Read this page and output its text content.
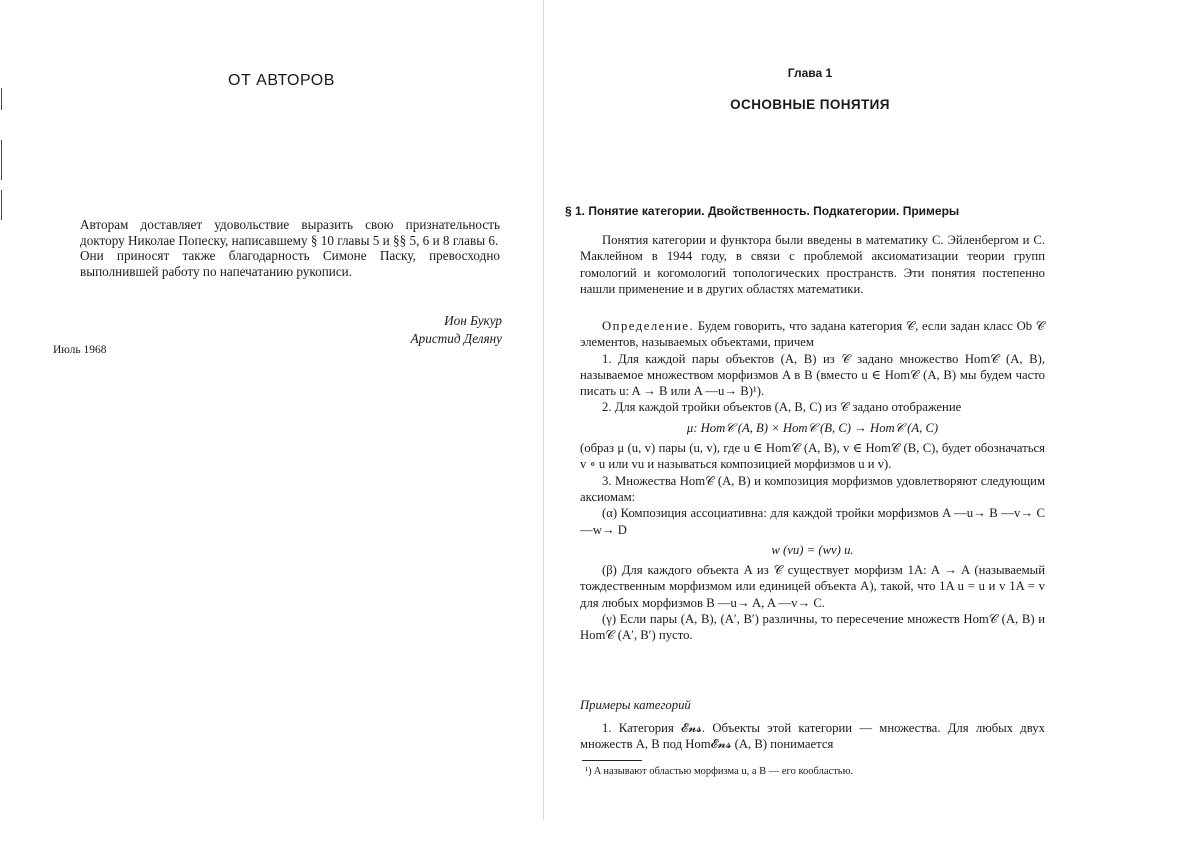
ОТ АВТОРОВ

Авторам доставляет удовольствие выразить свою признательность доктору Николае Попеску, написавшему § 10 главы 5 и §§ 5, 6 и 8 главы 6.

Они приносят также благодарность Симоне Паску, превосходно выполнившей работу по напечатанию рукописи.

Ион Букур
Аристид Деляну
Июль 1968
Глава 1
ОСНОВНЫЕ ПОНЯТИЯ
§ 1. Понятие категории. Двойственность. Подкатегории. Примеры

Понятия категории и функтора были введены в математику С. Эйленбергом и С. Маклейном в 1944 году, в связи с проблемой аксиоматизации теории групп гомологий и когомологий топологических пространств. Эти понятия постепенно нашли применение и в других областях математики.

Определение. Будем говорить, что задана категория 𝒞, если задан класс Ob 𝒞 элементов, называемых объектами, причем

1. Для каждой пары объектов (A, B) из 𝒞 задано множество Hom𝒞 (A, B), называемое множеством морфизмов A в B (вместо u ∈ Hom𝒞 (A, B) мы будем часто писать u: A → B или A —u→ B)¹).

2. Для каждой тройки объектов (A, B, C) из 𝒞 задано отображение

μ: Hom𝒞 (A, B) × Hom𝒞 (B, C) → Hom𝒞 (A, C)

(образ μ (u, v) пары (u, v), где u ∈ Hom𝒞 (A, B), v ∈ Hom𝒞 (B, C), будет обозначаться v ∘ u или vu и называться композицией морфизмов u и v).

3. Множества Hom𝒞 (A, B) и композиция морфизмов удовлетворяют следующим аксиомам:

(α) Композиция ассоциативна: для каждой тройки морфизмов A —u→ B —v→ C —w→ D

w (vu) = (wv) u.

(β) Для каждого объекта A из 𝒞 существует морфизм 1A: A → A (называемый тождественным морфизмом или единицей объекта A), такой, что 1A u = u и v 1A = v для любых морфизмов B —u→ A, A —v→ C.

(γ) Если пары (A, B), (A′, B′) различны, то пересечение множеств Hom𝒞 (A, B) и Hom𝒞 (A′, B′) пусто.

Примеры категорий

1. Категория 𝓔𝓷𝓼. Объекты этой категории — множества. Для любых двух множеств A, B под Hom𝓔𝓷𝓼 (A, B) понимается

¹) A называют областью морфизма u, а B — его кообластью.
